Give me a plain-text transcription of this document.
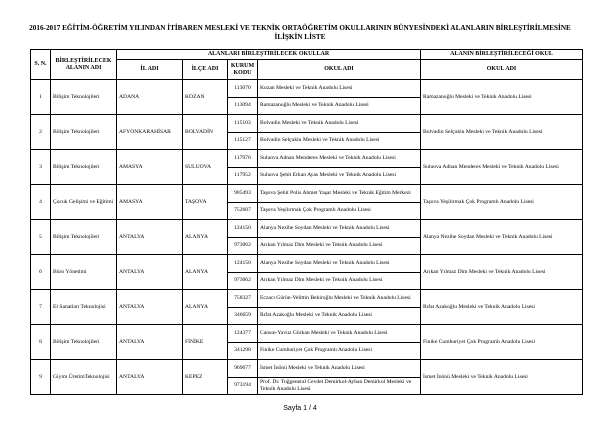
2016-2017 EĞİTİM-ÖĞRETİM YILINDAN İTİBAREN MESLEKİ VE TEKNİK ORTAÖĞRETİM OKULLARININ BÜNYESİNDEKİ ALANLARIN BİRLEŞTİRİLMESİNE
İLİŞKİN LİSTE
S. N.	BİRLEŞTİRİLECEK ALANIN ADI	ALANLARI BİRLEŞTİRİLECEK OKULLAR				ALANIN BİRLEŞTİRİLECEĞİ OKUL
		İL ADI	İLÇE ADI	KURUM KODU	OKUL ADI	OKUL ADI
1	Bilişim Teknolojileri	ADANA	KOZAN	113070	Kozan Mesleki ve Teknik Anadolu Lisesi	Ramazanoğlu Mesleki ve Teknik Anadolu Lisesi
				113094	Ramazanoğlu Mesleki ve Teknik Anadolu Lisesi	
2	Bilişim Teknolojileri	AFYONKARAHİSAR	BOLVADİN	115103	Bolvadin Mesleki ve Teknik Anadolu Lisesi	Bolvadin Selçuklu Mesleki ve Teknik Anadolu Lisesi
				115127	Bolvadin Selçuklu Mesleki ve Teknik Anadolu Lisesi	
3	Bilişim Teknolojileri	AMASYA	SULUOVA	117976	Suluova Adnan Menderes Mesleki ve Teknik Anadolu Lisesi	Suluova Adnan Menderes Mesleki ve Teknik Anadolu Lisesi
				117952	Suluova Şehit Erkan Ayas Mesleki ve Teknik Anadolu Lisesi	
4	Çocuk Gelişimi ve Eğitimi	AMASYA	TAŞOVA	905493	Taşova Şehit Polis Ahmet Yaşar Mesleki ve Teknik Eğitim Merkezi	Taşova Yeşilırmak Çok Programlı Anadolu Lisesi
				752607	Taşova Yeşilırmak Çok Programlı Anadolu Lisesi	
5	Bilişim Teknolojileri	ANTALYA	ALANYA	124150	Alanya Nezihe Soydan Mesleki ve Teknik Anadolu Lisesi	Alanya Nezihe Soydan Mesleki ve Teknik Anadolu Lisesi
				973062	Arıkan Yılmaz Dim Mesleki ve Teknik Anadolu Lisesi	
6	Büro Yönetimi	ANTALYA	ALANYA	124150	Alanya Nezihe Soydan Mesleki ve Teknik Anadolu Lisesi	Arıkan Yılmaz Dim Mesleki ve Teknik Anadolu Lisesi
				973062	Arıkan Yılmaz Dim Mesleki ve Teknik Anadolu Lisesi	
7	El Sanatları Teknolojisi	ANTALYA	ALANYA	758327	Eczacı Gürün-Velittin Bekiroğlu Mesleki ve Teknik Anadolu Lisesi	Rıfat Azakoğlu Mesleki ve Teknik Anadolu Lisesi
				346659	Rıfat Azakoğlu Mesleki ve Teknik Anadolu Lisesi	
8	Bilişim Teknolojileri	ANTALYA	FİNİKE	124377	Cansın-Yavuz Gürkan Mesleki ve Teknik Anadolu Lisesi	Finike Cumhuriyet Çok Programlı Anadolu Lisesi
				341298	Finike Cumhuriyet Çok Programlı Anadolu Lisesi	
9	Giyim ÜretimTeknolojisi	ANTALYA	KEPEZ	969677	İsmet İnönü Mesleki ve Teknik Anadolu Lisesi	İsmet İnönü Mesleki ve Teknik Anadolu Lisesi
				973194	Prof. Dr. Tuğgeneral Cevdet Demirkol-Ayhan Demirkol Mesleki ve Teknik Anadolu Lisesi	
Sayfa 1 / 4
